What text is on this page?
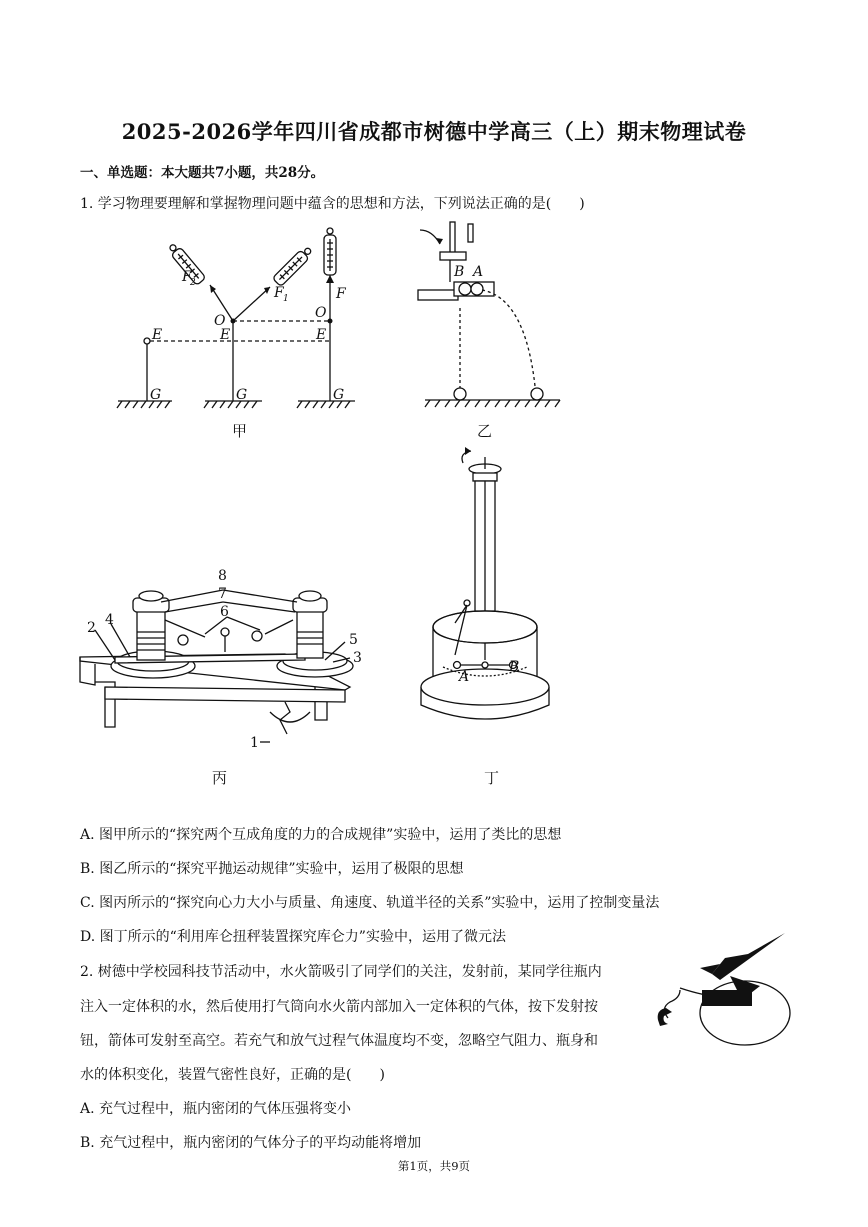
2025-2026学年四川省成都市树德中学高三（上）期末物理试卷
一、单选题：本大题共7小题，共28分。
1. 学习物理要理解和掌握物理问题中蕴含的思想和方法，下列说法正确的是(　　)
F
2
F 1	F
O	O
E	E	E
G	G	G
甲
B A
乙
8
7
6
2 4
5
3
1
丙
A
B
丁
A. 图甲所示的“探究两个互成角度的力的合成规律”实验中，运用了类比的思想
B. 图乙所示的“探究平抛运动规律”实验中，运用了极限的思想
C. 图丙所示的“探究向心力大小与质量、角速度、轨道半径的关系”实验中，运用了控制变量法
D. 图丁所示的“利用库仑扭秤装置探究库仑力”实验中，运用了微元法
2. 树德中学校园科技节活动中，水火箭吸引了同学们的关注，发射前，某同学往瓶内
注入一定体积的水，然后使用打气筒向水火箭内部加入一定体积的气体，按下发射按
钮，箭体可发射至高空。若充气和放气过程气体温度均不变，忽略空气阻力、瓶身和
水的体积变化，装置气密性良好，正确的是(　　)
A. 充气过程中，瓶内密闭的气体压强将变小
B. 充气过程中，瓶内密闭的气体分子的平均动能将增加
第1页，共9页
